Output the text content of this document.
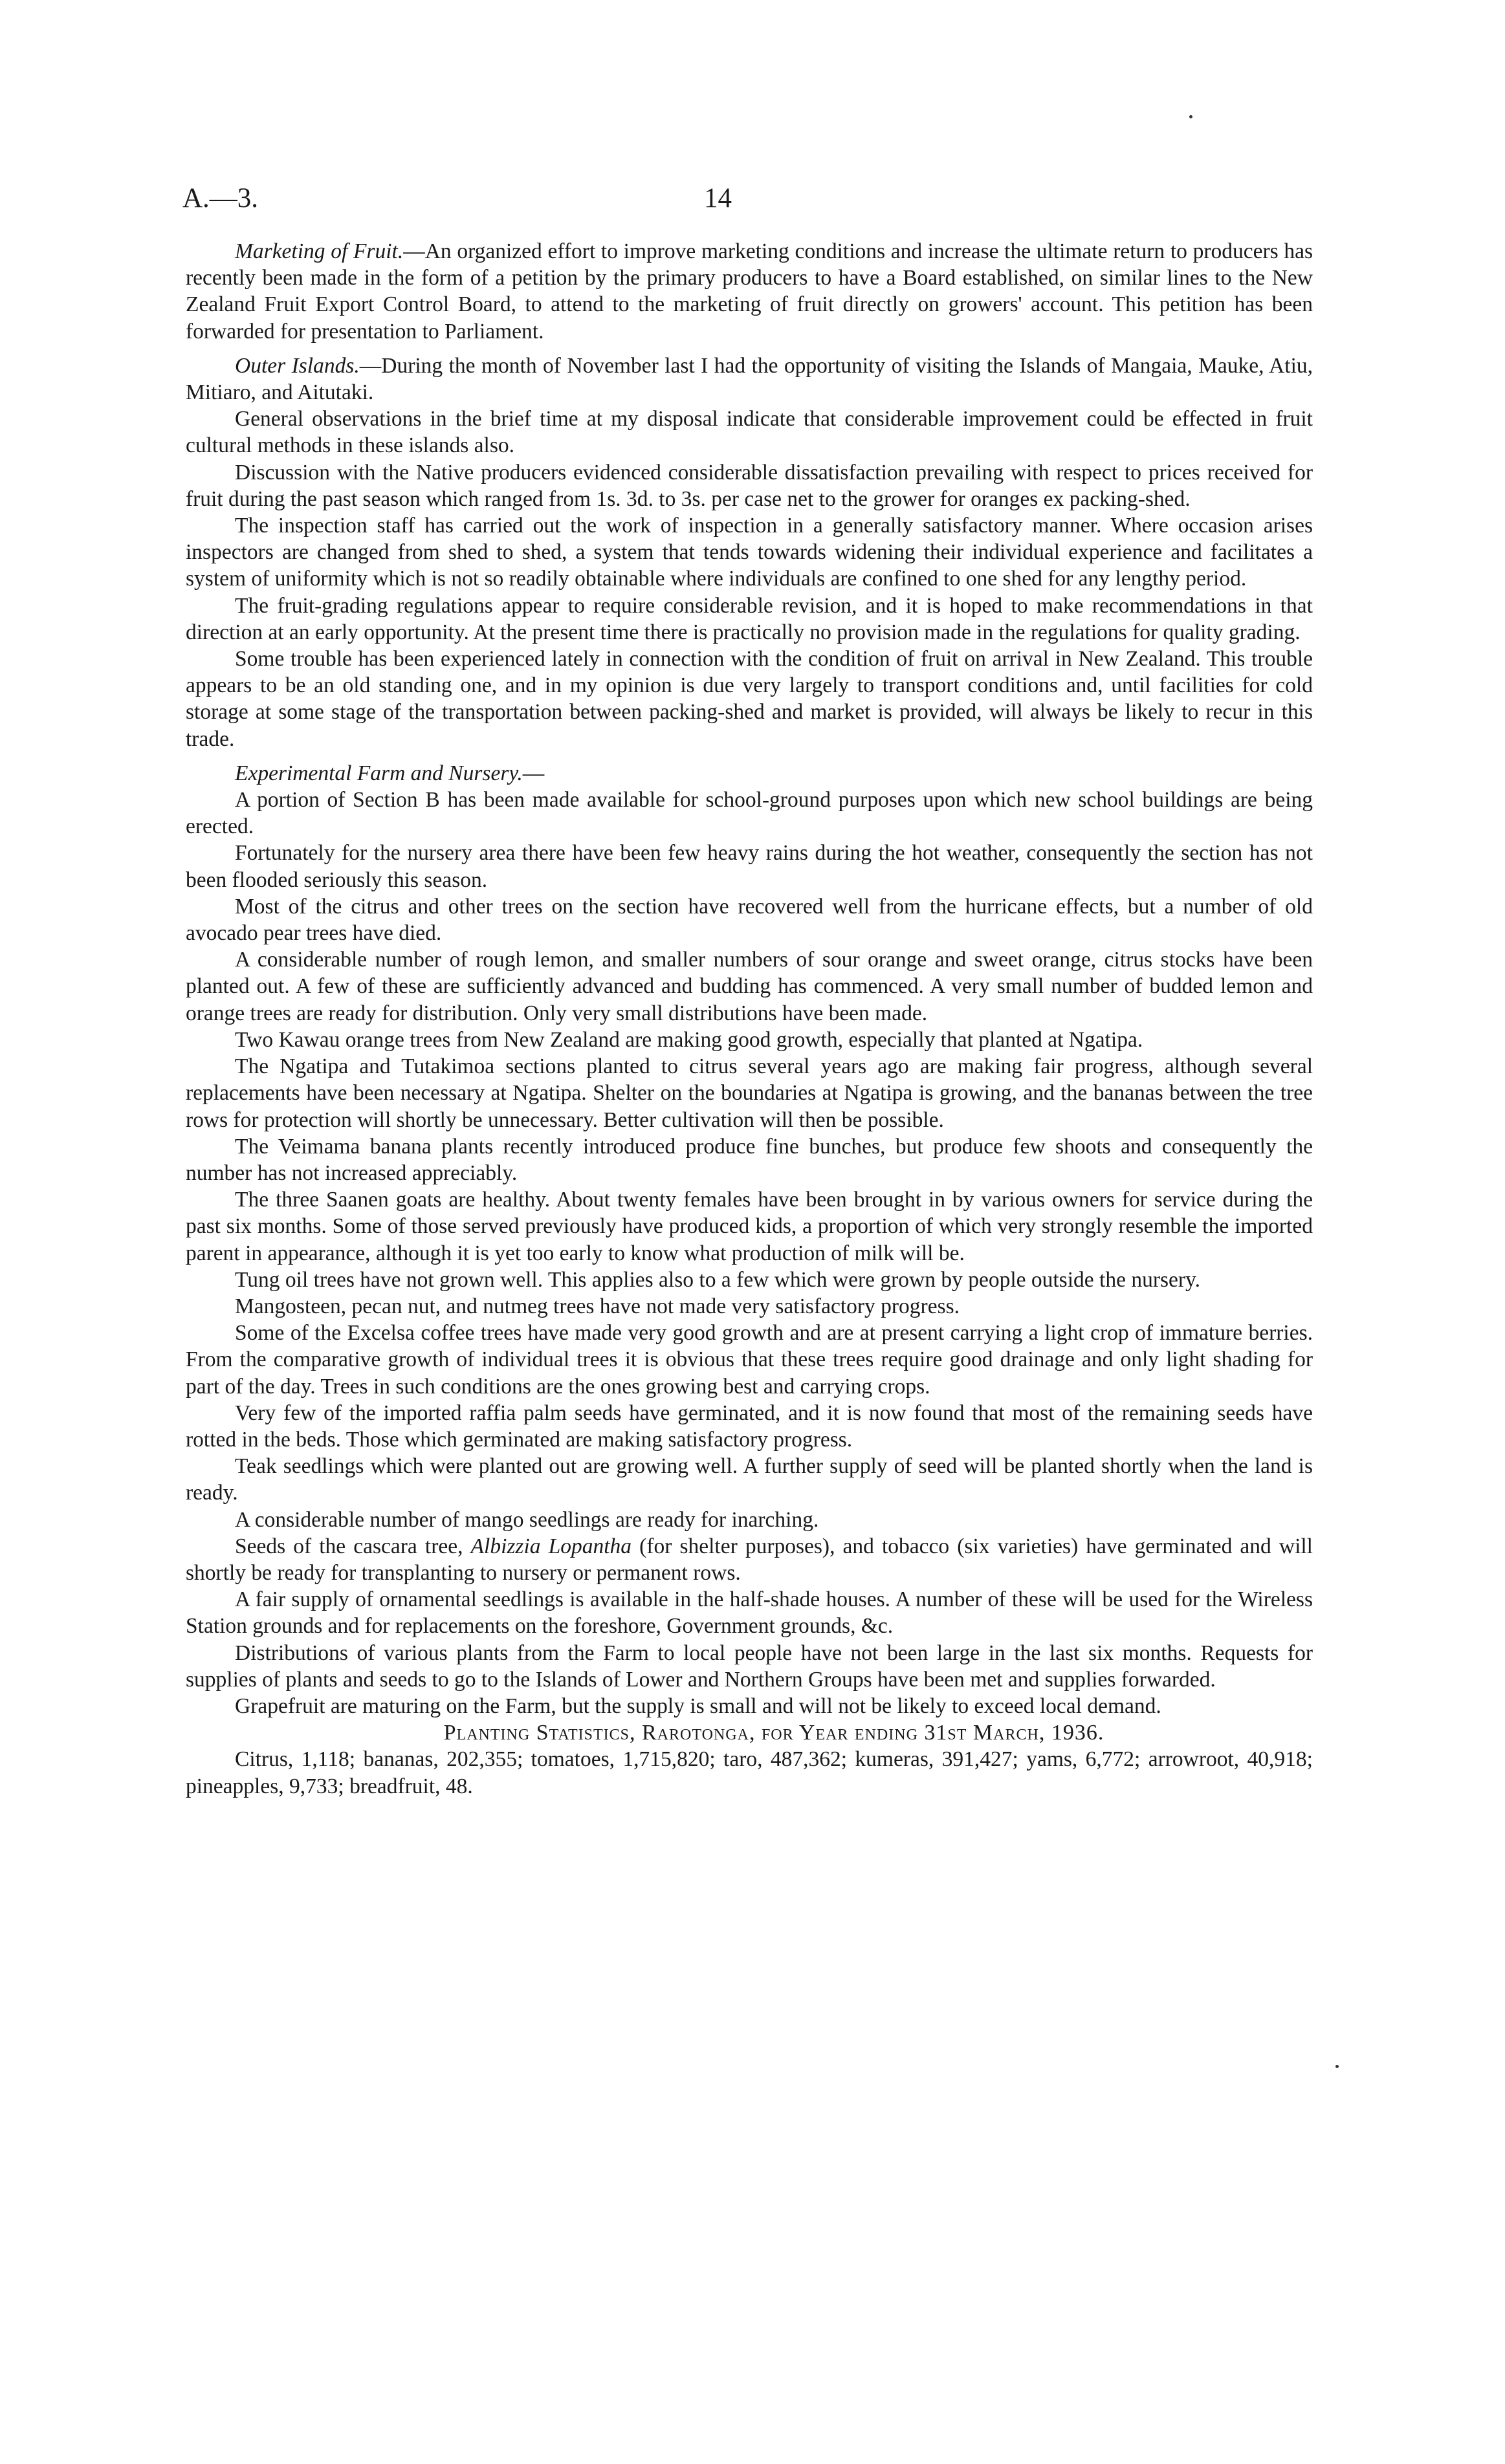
A.—3.	14

Marketing of Fruit.—An organized effort to improve marketing conditions and increase the ultimate return to producers has recently been made in the form of a petition by the primary producers to have a Board established, on similar lines to the New Zealand Fruit Export Control Board, to attend to the marketing of fruit directly on growers' account. This petition has been forwarded for presentation to Parliament.

Outer Islands.—During the month of November last I had the opportunity of visiting the Islands of Mangaia, Mauke, Atiu, Mitiaro, and Aitutaki.

General observations in the brief time at my disposal indicate that considerable improvement could be effected in fruit cultural methods in these islands also.

Discussion with the Native producers evidenced considerable dissatisfaction prevailing with respect to prices received for fruit during the past season which ranged from 1s. 3d. to 3s. per case net to the grower for oranges ex packing-shed.

The inspection staff has carried out the work of inspection in a generally satisfactory manner. Where occasion arises inspectors are changed from shed to shed, a system that tends towards widening their individual experience and facilitates a system of uniformity which is not so readily obtainable where individuals are confined to one shed for any lengthy period.

The fruit-grading regulations appear to require considerable revision, and it is hoped to make recommendations in that direction at an early opportunity. At the present time there is practically no provision made in the regulations for quality grading.

Some trouble has been experienced lately in connection with the condition of fruit on arrival in New Zealand. This trouble appears to be an old standing one, and in my opinion is due very largely to transport conditions and, until facilities for cold storage at some stage of the transportation between packing-shed and market is provided, will always be likely to recur in this trade.

Experimental Farm and Nursery.—

A portion of Section B has been made available for school-ground purposes upon which new school buildings are being erected.

Fortunately for the nursery area there have been few heavy rains during the hot weather, consequently the section has not been flooded seriously this season.

Most of the citrus and other trees on the section have recovered well from the hurricane effects, but a number of old avocado pear trees have died.

A considerable number of rough lemon, and smaller numbers of sour orange and sweet orange, citrus stocks have been planted out. A few of these are sufficiently advanced and budding has commenced. A very small number of budded lemon and orange trees are ready for distribution. Only very small distributions have been made.

Two Kawau orange trees from New Zealand are making good growth, especially that planted at Ngatipa.

The Ngatipa and Tutakimoa sections planted to citrus several years ago are making fair progress, although several replacements have been necessary at Ngatipa. Shelter on the boundaries at Ngatipa is growing, and the bananas between the tree rows for protection will shortly be unnecessary. Better cultivation will then be possible.

The Veimama banana plants recently introduced produce fine bunches, but produce few shoots and consequently the number has not increased appreciably.

The three Saanen goats are healthy. About twenty females have been brought in by various owners for service during the past six months. Some of those served previously have produced kids, a proportion of which very strongly resemble the imported parent in appearance, although it is yet too early to know what production of milk will be.

Tung oil trees have not grown well. This applies also to a few which were grown by people outside the nursery.

Mangosteen, pecan nut, and nutmeg trees have not made very satisfactory progress.

Some of the Excelsa coffee trees have made very good growth and are at present carrying a light crop of immature berries. From the comparative growth of individual trees it is obvious that these trees require good drainage and only light shading for part of the day. Trees in such conditions are the ones growing best and carrying crops.

Very few of the imported raffia palm seeds have germinated, and it is now found that most of the remaining seeds have rotted in the beds. Those which germinated are making satisfactory progress.

Teak seedlings which were planted out are growing well. A further supply of seed will be planted shortly when the land is ready.

A considerable number of mango seedlings are ready for inarching.

Seeds of the cascara tree, Albizzia Lopantha (for shelter purposes), and tobacco (six varieties) have germinated and will shortly be ready for transplanting to nursery or permanent rows.

A fair supply of ornamental seedlings is available in the half-shade houses. A number of these will be used for the Wireless Station grounds and for replacements on the foreshore, Government grounds, &c.

Distributions of various plants from the Farm to local people have not been large in the last six months. Requests for supplies of plants and seeds to go to the Islands of Lower and Northern Groups have been met and supplies forwarded.

Grapefruit are maturing on the Farm, but the supply is small and will not be likely to exceed local demand.

Planting Statistics, Rarotonga, for Year ending 31st March, 1936.

Citrus, 1,118; bananas, 202,355; tomatoes, 1,715,820; taro, 487,362; kumeras, 391,427; yams, 6,772; arrowroot, 40,918; pineapples, 9,733; breadfruit, 48.
